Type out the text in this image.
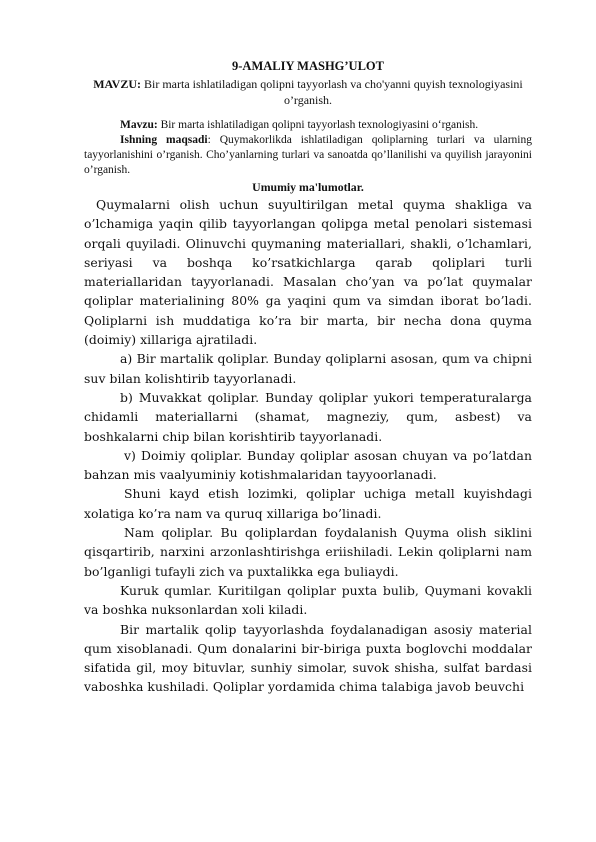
9-AMALIY MASHG’ULOT

MAVZU: Bir marta ishlatiladigan qolipni tayyorlash va cho'yanni quyish texnologiyasini o’rganish.

Mavzu: Bir marta ishlatiladigan qolipni tayyorlash texnologiyasini o‘rganish.

Ishning maqsadi: Quymakorlikda ishlatiladigan qoliplarning turlari va ularning tayyorlanishini o’rganish. Cho’yanlarning turlari va sanoatda qo’llanilishi va quyilish jarayonini o’rganish.

Umumiy ma'lumotlar.

Quymalarni olish uchun suyultirilgan metal quyma shakliga va o’lchamiga yaqin qilib tayyorlangan qolipga metal penolari sistemasi orqali quyiladi. Olinuvchi quymaning materiallari, shakli, o’lchamlari, seriyasi va boshqa ko’rsatkichlarga qarab qoliplari turli materiallaridan tayyorlanadi. Masalan cho’yan va po’lat quymalar qoliplar materialining 80% ga yaqini qum va simdan iborat bo’ladi. Qoliplarni ish muddatiga ko’ra bir marta, bir necha dona quyma (doimiy) xillariga ajratiladi.

a) Bir martalik qoliplar. Bunday qoliplarni asosan, qum va chipni suv bilan kolishtirib tayyorlanadi.

b) Muvakkat qoliplar. Bunday qoliplar yukori temperaturalarga chidamli materiallarni (shamat, magneziy, qum, asbest) va boshkalarni chip bilan korishtirib tayyorlanadi.

v) Doimiy qoliplar. Bunday qoliplar asosan chuyan va po’latdan bahzan mis vaalyuminiy kotishmalaridan tayyoorlanadi.

Shuni kayd etish lozimki, qoliplar uchiga metall kuyishdagi xolatiga ko’ra nam va quruq xillariga bo’linadi.

Nam qoliplar. Bu qoliplardan foydalanish Quyma olish siklini qisqartirib, narxini arzonlashtirishga eriishiladi. Lekin qoliplarni nam bo’lganligi tufayli zich va puxtalikka ega buliaydi.

Kuruk qumlar. Kuritilgan qoliplar puxta bulib, Quymani kovakli va boshka nuksonlardan xoli kiladi.

Bir martalik qolip tayyorlashda foydalanadigan asosiy material qum xisoblanadi. Qum donalarini bir-biriga puxta boglovchi moddalar sifatida gil, moy bituvlar, sunhiy simolar, suvok shisha, sulfat bardasi vaboshka kushiladi. Qoliplar yordamida chima talabiga javob beuvchi
